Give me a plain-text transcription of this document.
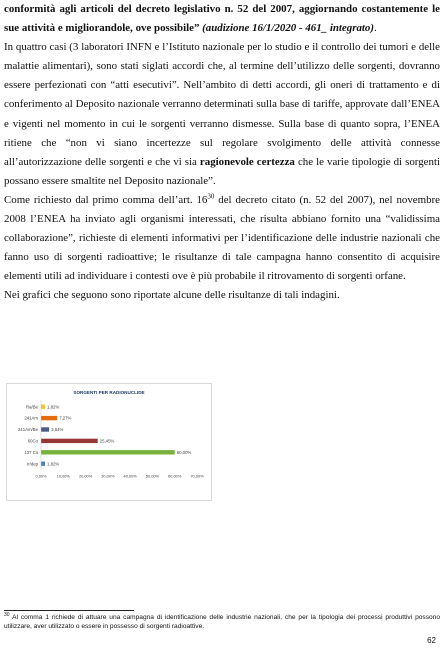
conformità agli articoli del decreto legislativo n. 52 del 2007, aggiornando costantemente le sue attività e migliorandole, ove possibile” (audizione 16/1/2020 - 461_ integrato).

In quattro casi (3 laboratori INFN e l’Istituto nazionale per lo studio e il controllo dei tumori e delle malattie alimentari), sono stati siglati accordi che, al termine dell’utilizzo delle sorgenti, dovranno essere perfezionati con “atti esecutivi”. Nell’ambito di detti accordi, gli oneri di trattamento e di conferimento al Deposito nazionale verranno determinati sulla base di tariffe, approvate dall’ENEA e vigenti nel momento in cui le sorgenti verranno dismesse. Sulla base di quanto sopra, l’ENEA ritiene che “non vi siano incertezze sul regolare svolgimento delle attività connesse all’autorizzazione delle sorgenti e che vi sia ragionevole certezza che le varie tipologie di sorgenti possano essere smaltite nel Deposito nazionale”.

Come richiesto dal primo comma dell’art. $16^{30}$ del decreto citato (n. 52 del 2007), nel novembre 2008 l’ENEA ha inviato agli organismi interessati, che risulta abbiano fornito una “validissima collaborazione”, richieste di elementi informativi per l’identificazione delle industrie nazionali che fanno uso di sorgenti radioattive; le risultanze di tale campagna hanno consentito di acquisire elementi utili ad individuare i contesti ove è più probabile il ritrovamento di sorgenti orfane.

Nei grafici che seguono sono riportate alcune delle risultanze di tali indagini.

SORGENTI PER RADIONUCLIDE
Ra/Be 1,82%
241Am	7,27%
241Am/Be	3,64%
60Co	25,45%
137 Cs	60,00%
Ir/dep 1,82%
0,00%	10,00% 20,00% 30,00% 40,00% 50,00% 60,00% 70,00%
$^{30}$ Al comma 1 richiede di attuare una campagna di identificazione delle industrie nazionali, che per la tipologia dei processi produttivi possono utilizzare, aver utilizzato o essere in possesso di sorgenti radioattive.
62
